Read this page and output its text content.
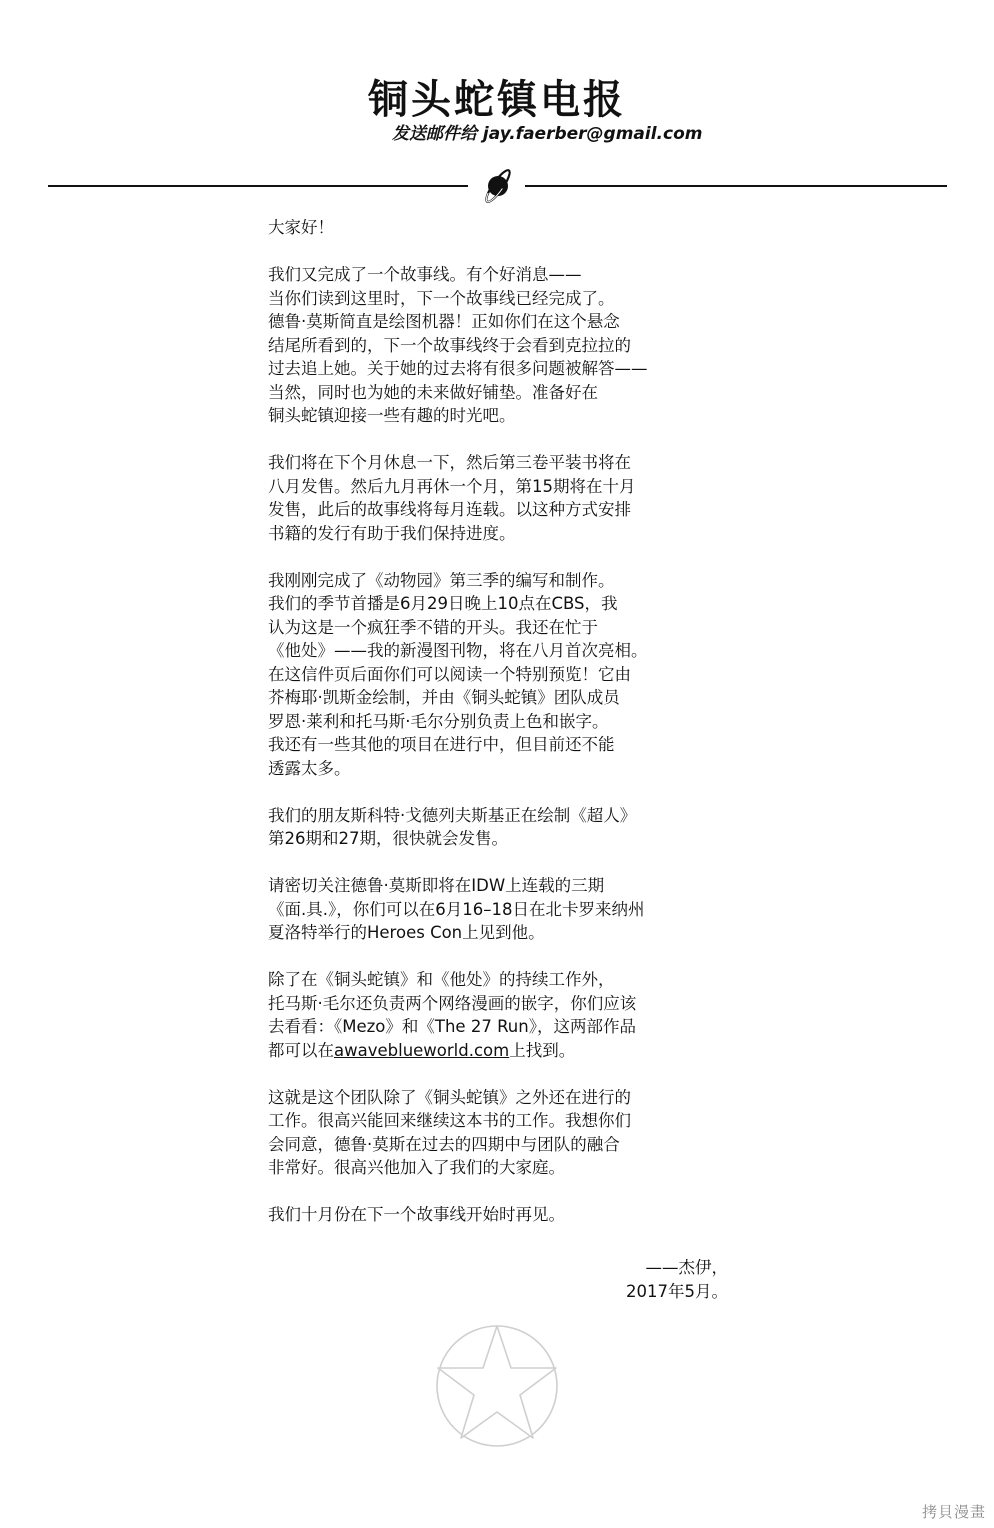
铜头蛇镇电报
发送邮件给 jay.faerber@gmail.com

大家好！

我们又完成了一个故事线。有个好消息——
当你们读到这里时，下一个故事线已经完成了。
德鲁·莫斯简直是绘图机器！正如你们在这个悬念
结尾所看到的，下一个故事线终于会看到克拉拉的
过去追上她。关于她的过去将有很多问题被解答——
当然，同时也为她的未来做好铺垫。准备好在
铜头蛇镇迎接一些有趣的时光吧。

我们将在下个月休息一下，然后第三卷平装书将在
八月发售。然后九月再休一个月，第15期将在十月
发售，此后的故事线将每月连载。以这种方式安排
书籍的发行有助于我们保持进度。

我刚刚完成了《动物园》第三季的编写和制作。
我们的季节首播是6月29日晚上10点在CBS，我
认为这是一个疯狂季不错的开头。我还在忙于
《他处》——我的新漫图刊物，将在八月首次亮相。
在这信件页后面你们可以阅读一个特别预览！它由
芥梅耶·凯斯金绘制，并由《铜头蛇镇》团队成员
罗恩·莱利和托马斯·毛尔分别负责上色和嵌字。
我还有一些其他的项目在进行中，但目前还不能
透露太多。

我们的朋友斯科特·戈德列夫斯基正在绘制《超人》
第26期和27期，很快就会发售。

请密切关注德鲁·莫斯即将在IDW上连载的三期
《面.具.》，你们可以在6月16–18日在北卡罗来纳州
夏洛特举行的Heroes Con上见到他。

除了在《铜头蛇镇》和《他处》的持续工作外，
托马斯·毛尔还负责两个网络漫画的嵌字，你们应该
去看看：《Mezo》和《The 27 Run》，这两部作品
都可以在awaveblueworld.com上找到。

这就是这个团队除了《铜头蛇镇》之外还在进行的
工作。很高兴能回来继续这本书的工作。我想你们
会同意，德鲁·莫斯在过去的四期中与团队的融合
非常好。很高兴他加入了我们的大家庭。

我们十月份在下一个故事线开始时再见。

——杰伊，
2017年5月。
拷貝漫畫
